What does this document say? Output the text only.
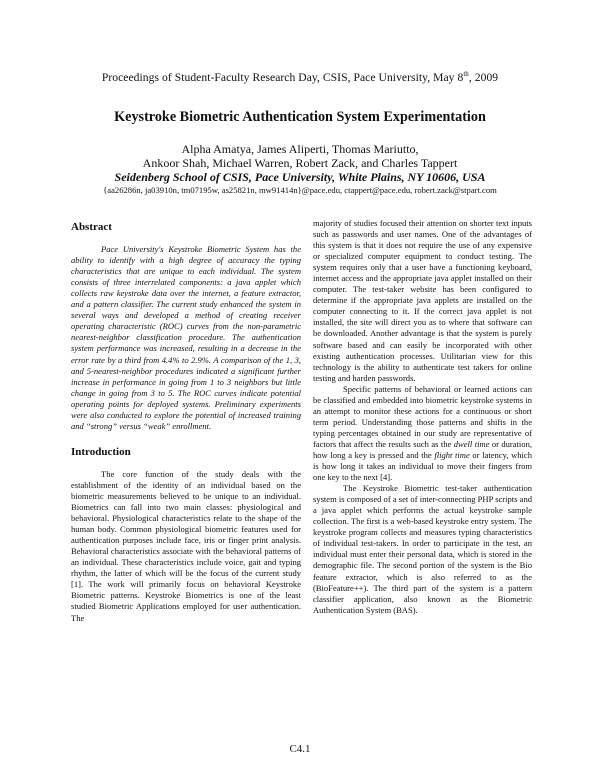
Proceedings of Student-Faculty Research Day, CSIS, Pace University, May 8th, 2009
Keystroke Biometric Authentication System Experimentation
Alpha Amatya, James Aliperti, Thomas Mariutto,
Ankoor Shah, Michael Warren, Robert Zack, and Charles Tappert
Seidenberg School of CSIS, Pace University, White Plains, NY 10606, USA
{aa26286n, ja03910n, tm07195w, as25821n, mw91414n}@pace.edu, ctappert@pace.edu, robert.zack@stpart.com
Abstract

Pace University's Keystroke Biometric System has the ability to identify with a high degree of accuracy the typing characteristics that are unique to each individual. The system consists of three interrelated components: a java applet which collects raw keystroke data over the internet, a feature extractor, and a pattern classifier. The current study enhanced the system in several ways and developed a method of creating receiver operating characteristic (ROC) curves from the non-parametric nearest-neighbor classification procedure. The authentication system performance was increased, resulting in a decrease in the error rate by a third from 4.4% to 2.9%. A comparison of the 1, 3, and 5-nearest-neighbor procedures indicated a significant further increase in performance in going from 1 to 3 neighbors but little change in going from 3 to 5. The ROC curves indicate potential operating points for deployed systems. Preliminary experiments were also conducted to explore the potential of increased training and “strong” versus “weak” enrollment.

Introduction

The core function of the study deals with the establishment of the identity of an individual based on the biometric measurements believed to be unique to an individual. Biometrics can fall into two main classes: physiological and behavioral. Physiological characteristics relate to the shape of the human body. Common physiological biometric features used for authentication purposes include face, iris or finger print analysis. Behavioral characteristics associate with the behavioral patterns of an individual. These characteristics include voice, gait and typing rhythm, the latter of which will be the focus of the current study [1]. The work will primarily focus on behavioral Keystroke Biometric patterns. Keystroke Biometrics is one of the least studied Biometric Applications employed for user authentication. The

majority of studies focused their attention on shorter text inputs such as passwords and user names. One of the advantages of this system is that it does not require the use of any expensive or specialized computer equipment to conduct testing. The system requires only that a user have a functioning keyboard, internet access and the appropriate java applet installed on their computer. The test-taker website has been configured to determine if the appropriate java applets are installed on the computer connecting to it. If the correct java applet is not installed, the site will direct you as to where that software can be downloaded. Another advantage is that the system is purely software based and can easily be incorporated with other existing authentication processes. Utilitarian view for this technology is the ability to authenticate test takers for online testing and harden passwords.

Specific patterns of behavioral or learned actions can be classified and embedded into biometric keystroke systems in an attempt to monitor these actions for a continuous or short term period. Understanding those patterns and shifts in the typing percentages obtained in our study are representative of factors that affect the results such as the dwell time or duration, how long a key is pressed and the flight time or latency, which is how long it takes an individual to move their fingers from one key to the next [4].

The Keystroke Biometric test-taker authentication system is composed of a set of inter-connecting PHP scripts and a java applet which performs the actual keystroke sample collection. The first is a web-based keystroke entry system. The keystroke program collects and measures typing characteristics of individual test-takers. In order to participate in the test, an individual must enter their personal data, which is stored in the demographic file. The second portion of the system is the Bio feature extractor, which is also referred to as the (BioFeature++). The third part of the system is a pattern classifier application, also known as the Biometric Authentication System (BAS).

C4.1
